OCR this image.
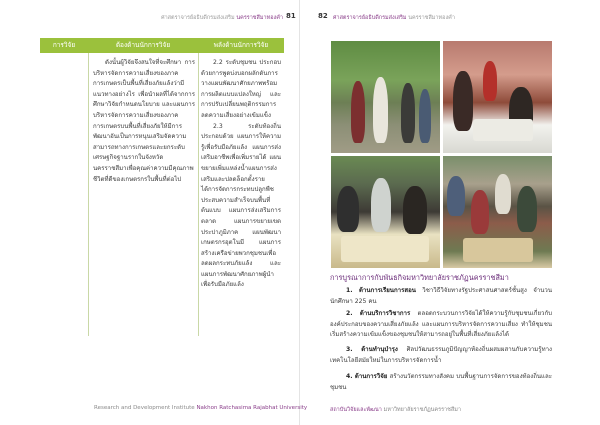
ศาสตราจารย์อธิบดีกรมส่งเสริม นครราชสีมาทองคำ 81
การวิจัย	ต้องด้านนักการวิจัย	พลังด้านนักการวิจัย

ดังนั้นผู้วิจัยจึงสนใจที่จะศึกษา การบริหารจัดการความเสี่ยงของภาคการเกษตรเป็นพื้นที่เสี่ยงภัยแล้งว่ามีแนวทางอย่างไร เพื่อนำผลที่ได้จากการศึกษาวิจัยกำหนดนโยบาย และแผนการบริหารจัดการความเสี่ยงของภาคการเกษตรบนพื้นที่เสี่ยงภัยให้มีการพัฒนาอันเป็นการหนุนเสริมจัดความสามารถทางการเกษตรและยกระดับเศรษฐกิจฐานรากในจังหวัดนครราชสีมาเพื่อคุณค่าความมีคุณภาพชีวิตที่ดีของเกษตรกรในพื้นที่ต่อไป

2.2 ระดับชุมชน ประกอบด้วยการพูดบ่งบอกผลักดันการวางแผนพัฒนาศักยภาพพร้อมการผลิตแบบแปลงใหญ่ และการปรับเปลี่ยนพฤติกรรมการลดความเสี่ยงอย่างเข้มแข็ง

2.3 ระดับท้องถิ่น ประกอบด้วย แผนการให้ความรู้เพื่อรับมือภัยแล้ง แผนการส่งเสริมอาชีพเพื่อเพิ่มรายได้ แผนขยายเพิ่มแหล่งน้ำแผนการส่งเสริมและปลดล็อกตั้งรายได้การจัดการกระทบปลูกพืชประสบความสำเร็จบนพื้นที่ต้นแบบ แผนการส่งเสริมการตลาด แผนการขยายเขตประปาภูมิภาค แผนพัฒนาเกษตรกรอุตโนมี แผนการสร้างเครือข่ายพวกชุมชนเพื่อลดผลกระทบภัยแล้ง และแผนการพัฒนาศักยภาพผู้นำเพื่อรับมือภัยแล้ง

Research and Development Institute Nakhon Ratchasima Rajabhat University
82 ศาสตราจารย์อธิบดีกรมส่งเสริม นครราชสีมาทองคำ
การบูรณาการกับพันธกิจมหาวิทยาลัยราชภัฏนครราชสีมา

1. ด้านการเรียนการสอน วิชาวิธีวิจัยทางรัฐประศาสนศาสตร์ชั้นสูง จำนวนนักศึกษา 225 คน

2. ด้านบริการวิชาการ ตลอดกระบวนการวิจัยได้ให้ความรู้กับชุมชนเกี่ยวกับองค์ประกอบของความเสี่ยงภัยแล้ง และแผนการบริหารจัดการความเสี่ยง ทำให้ชุมชนเริ่มสร้างความเข้มแข็งของชุมชนให้สามารถอยู่ในพื้นที่เสี่ยงภัยแล้งได้

3. ด้านทำนุบำรุง ศิลปวัฒนธรรมภูมิปัญญาท้องถิ่นผสมผสานกับความรู้ทางเทคโนโลยีสมัยใหม่ในการบริหารจัดการน้ำ

4. ด้านการวิจัย สร้างนวัตกรรมทางสังคม บนพื้นฐานการจัดการของท้องถิ่นและชุมชน

สถาบันวิจัยและพัฒนา มหาวิทยาลัยราชภัฏนครราชสีมา
